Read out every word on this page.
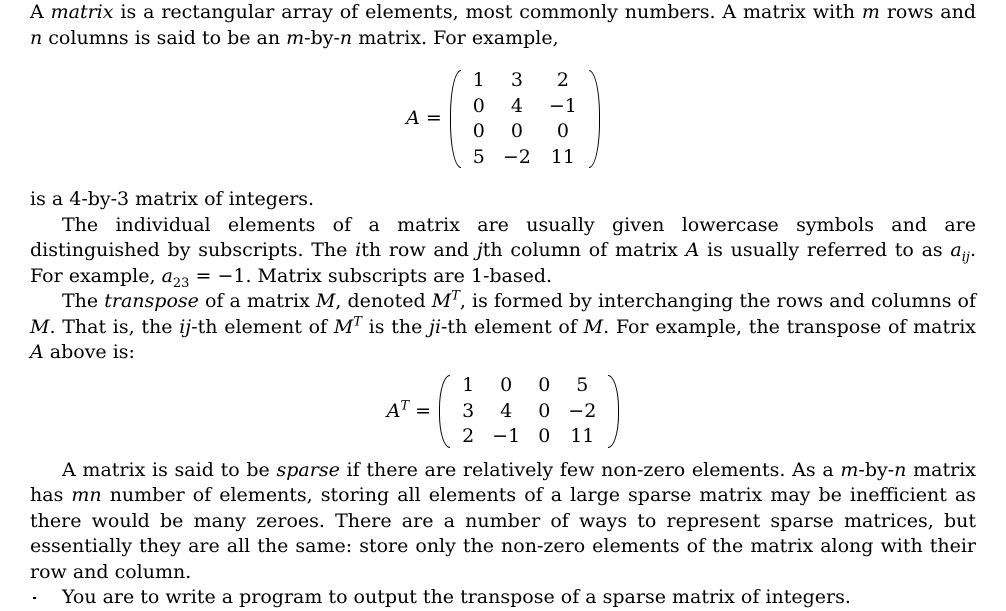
A matrix is a rectangular array of elements, most commonly numbers. A matrix with m rows and n columns is said to be an m-by-n matrix. For example,

A =
1	3	2
0	4	−1
0	0	0
5	−2	11

is a 4-by-3 matrix of integers.

The individual elements of a matrix are usually given lowercase symbols and are distinguished by subscripts. The ith row and jth column of matrix A is usually referred to as $a_{ij}$. For example, $a_{23} = -1$. Matrix subscripts are 1-based.

The transpose of a matrix M, denoted $M^T$, is formed by interchanging the rows and columns of M. That is, the ij-th element of $M^T$ is the ji-th element of M. For example, the transpose of matrix A above is:

$A^T$ =
1	0	0	5
3	4	0	−2
2	−1	0	11

A matrix is said to be sparse if there are relatively few non-zero elements. As a m-by-n matrix has mn number of elements, storing all elements of a large sparse matrix may be inefficient as there would be many zeroes. There are a number of ways to represent sparse matrices, but essentially they are all the same: store only the non-zero elements of the matrix along with their row and column.

You are to write a program to output the transpose of a sparse matrix of integers.
